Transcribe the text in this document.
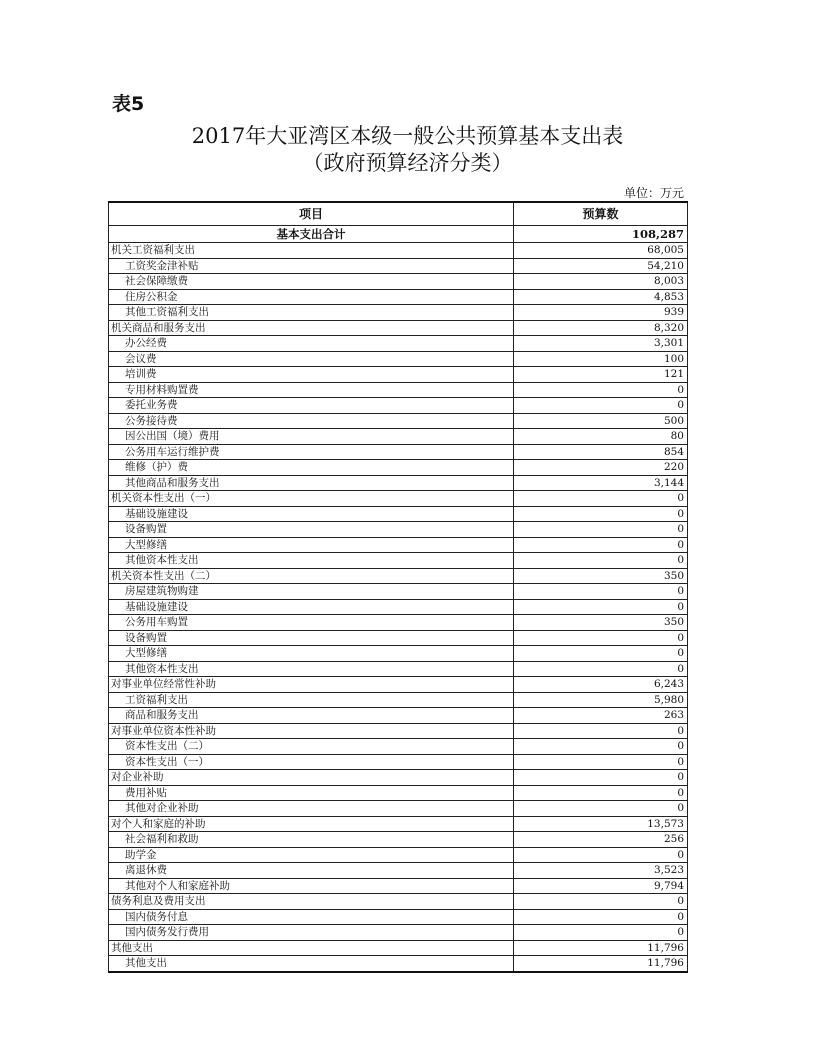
表5
2017年大亚湾区本级一般公共预算基本支出表
（政府预算经济分类）
单位：万元
项目	预算数
基本支出合计	108,287
机关工资福利支出	68,005
工资奖金津补贴	54,210
社会保障缴费	8,003
住房公积金	4,853
其他工资福利支出	939
机关商品和服务支出	8,320
办公经费	3,301
会议费	100
培训费	121
专用材料购置费	0
委托业务费	0
公务接待费	500
因公出国（境）费用	80
公务用车运行维护费	854
维修（护）费	220
其他商品和服务支出	3,144
机关资本性支出（一）	0
基础设施建设	0
设备购置	0
大型修缮	0
其他资本性支出	0
机关资本性支出（二）	350
房屋建筑物购建	0
基础设施建设	0
公务用车购置	350
设备购置	0
大型修缮	0
其他资本性支出	0
对事业单位经常性补助	6,243
工资福利支出	5,980
商品和服务支出	263
对事业单位资本性补助	0
资本性支出（二）	0
资本性支出（一）	0
对企业补助	0
费用补贴	0
其他对企业补助	0
对个人和家庭的补助	13,573
社会福利和救助	256
助学金	0
离退休费	3,523
其他对个人和家庭补助	9,794
债务利息及费用支出	0
国内债务付息	0
国内债务发行费用	0
其他支出	11,796
其他支出	11,796
